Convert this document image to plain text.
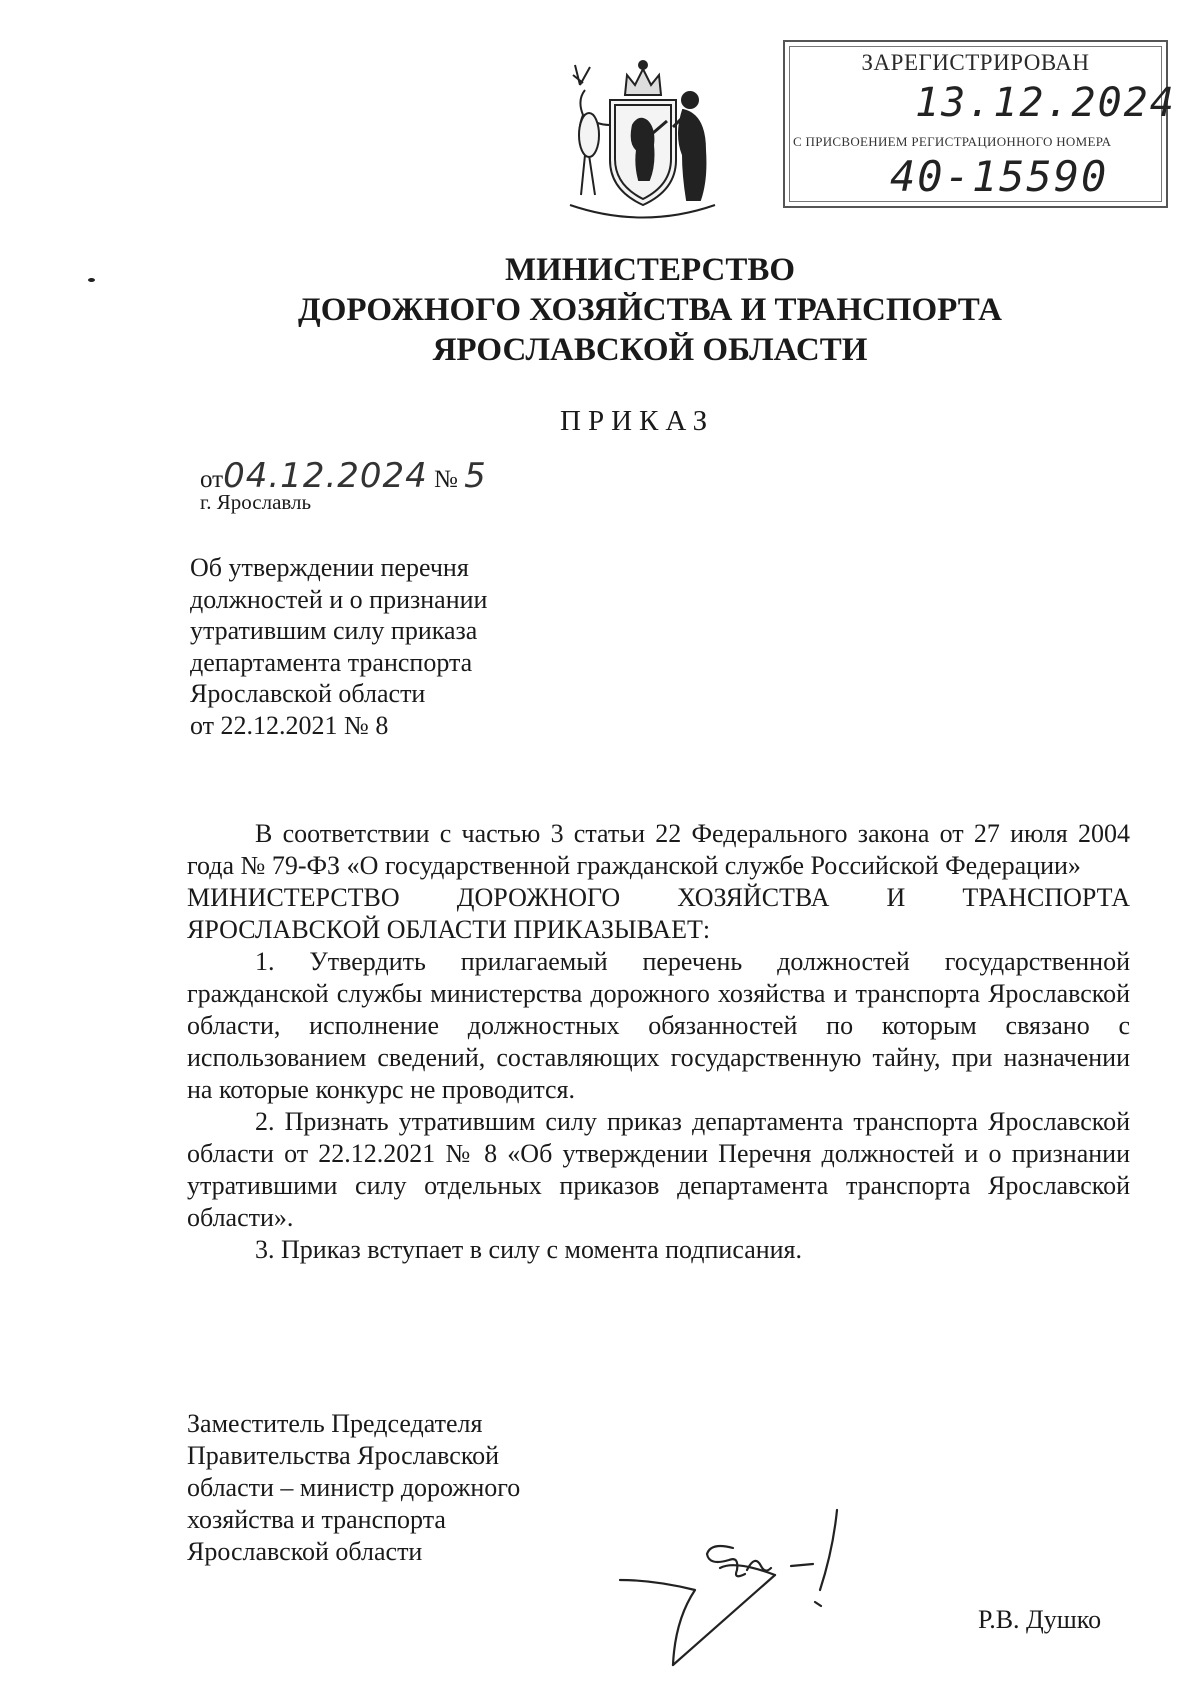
ЗАРЕГИСТРИРОВАН
13.12.2024
С ПРИСВОЕНИЕМ РЕГИСТРАЦИОННОГО НОМЕРА
40-15590
МИНИСТЕРСТВО
ДОРОЖНОГО ХОЗЯЙСТВА И ТРАНСПОРТА
ЯРОСЛАВСКОЙ ОБЛАСТИ
ПРИКАЗ
от04.12.2024 № 5
г. Ярославль
Об утверждении перечня
должностей и о признании
утратившим силу приказа
департамента транспорта
Ярославской области
от 22.12.2021 № 8

В соответствии с частью 3 статьи 22 Федерального закона от 27 июля 2004 года № 79-ФЗ «О государственной гражданской службе Российской Федерации»

МИНИСТЕРСТВО ДОРОЖНОГО ХОЗЯЙСТВА И ТРАНСПОРТА

ЯРОСЛАВСКОЙ ОБЛАСТИ ПРИКАЗЫВАЕТ:

1. Утвердить прилагаемый перечень должностей государственной гражданской службы министерства дорожного хозяйства и транспорта Ярославской области, исполнение должностных обязанностей по которым связано с использованием сведений, составляющих государственную тайну, при назначении на которые конкурс не проводится.

2. Признать утратившим силу приказ департамента транспорта Ярославской области от 22.12.2021 № 8 «Об утверждении Перечня должностей и о признании утратившими силу отдельных приказов департамента транспорта Ярославской области».

3. Приказ вступает в силу с момента подписания.

Заместитель Председателя
Правительства Ярославской
области – министр дорожного
хозяйства и транспорта
Ярославской области
Р.В. Душко
